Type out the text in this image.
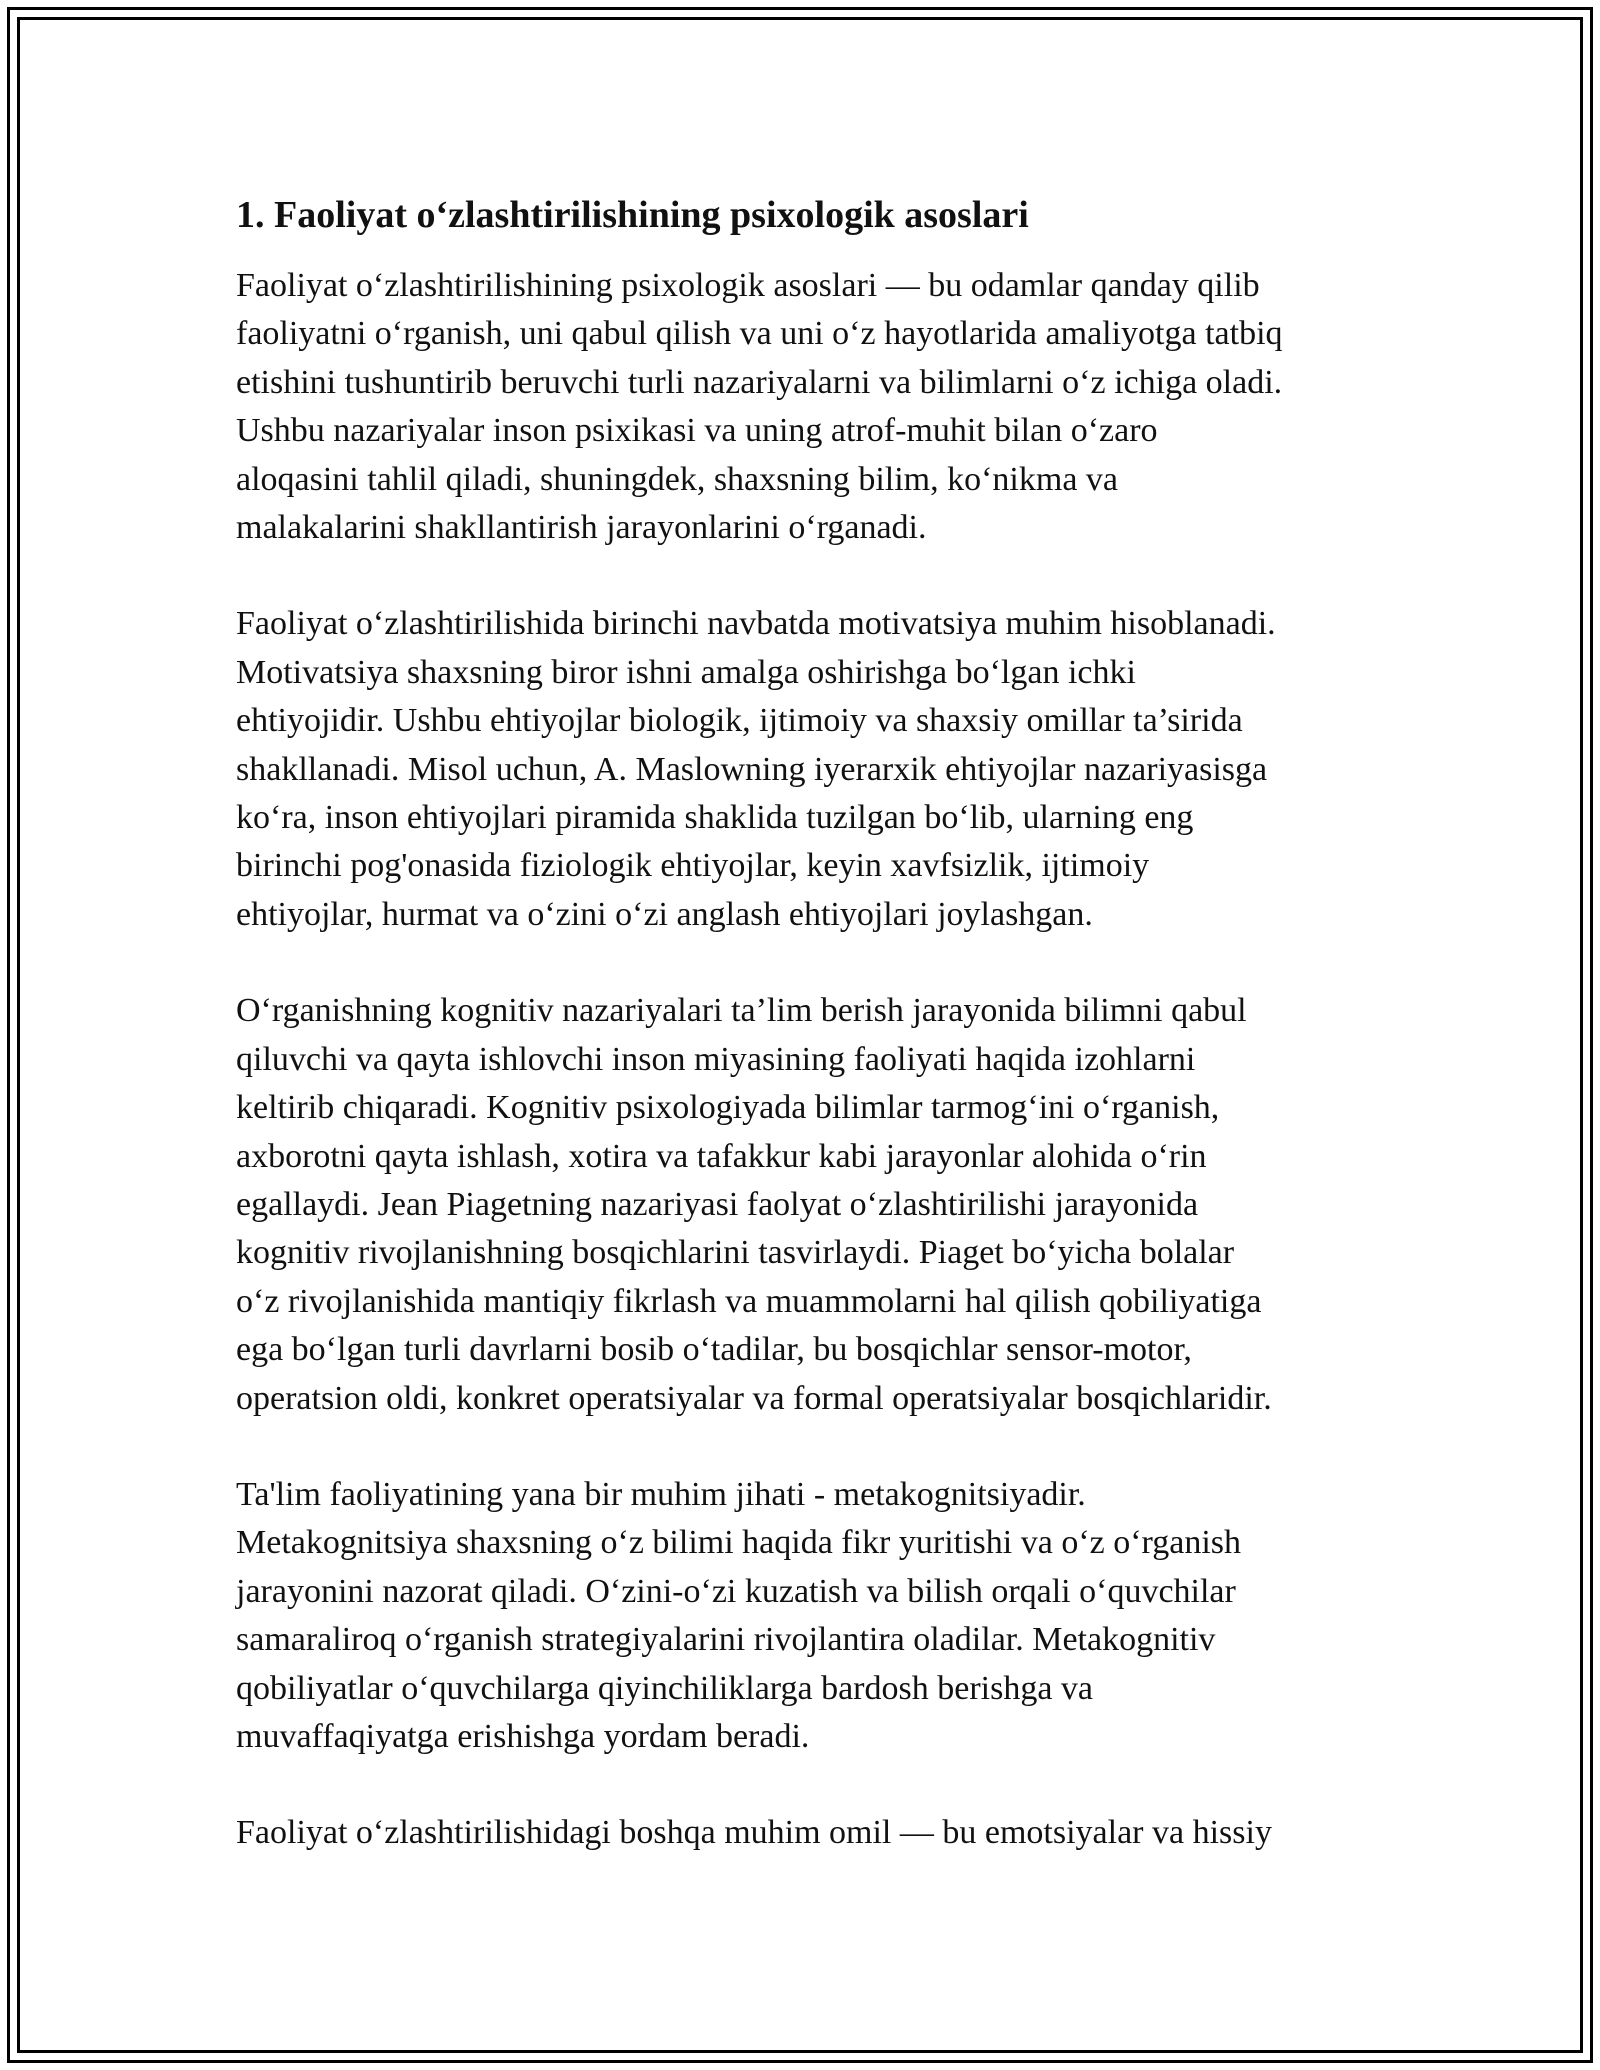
1. Faoliyat o‘zlashtirilishining psixologik asoslari

Faoliyat o‘zlashtirilishining psixologik asoslari — bu odamlar qanday qilib
faoliyatni o‘rganish, uni qabul qilish va uni o‘z hayotlarida amaliyotga tatbiq
etishini tushuntirib beruvchi turli nazariyalarni va bilimlarni o‘z ichiga oladi.
Ushbu nazariyalar inson psixikasi va uning atrof-muhit bilan o‘zaro
aloqasini tahlil qiladi, shuningdek, shaxsning bilim, ko‘nikma va
malakalarini shakllantirish jarayonlarini o‘rganadi.

Faoliyat o‘zlashtirilishida birinchi navbatda motivatsiya muhim hisoblanadi.
Motivatsiya shaxsning biror ishni amalga oshirishga bo‘lgan ichki
ehtiyojidir. Ushbu ehtiyojlar biologik, ijtimoiy va shaxsiy omillar ta’sirida
shakllanadi. Misol uchun, A. Maslowning iyerarxik ehtiyojlar nazariyasisga
ko‘ra, inson ehtiyojlari piramida shaklida tuzilgan bo‘lib, ularning eng
birinchi pog'onasida fiziologik ehtiyojlar, keyin xavfsizlik, ijtimoiy
ehtiyojlar, hurmat va o‘zini o‘zi anglash ehtiyojlari joylashgan.

O‘rganishning kognitiv nazariyalari ta’lim berish jarayonida bilimni qabul
qiluvchi va qayta ishlovchi inson miyasining faoliyati haqida izohlarni
keltirib chiqaradi. Kognitiv psixologiyada bilimlar tarmog‘ini o‘rganish,
axborotni qayta ishlash, xotira va tafakkur kabi jarayonlar alohida o‘rin
egallaydi. Jean Piagetning nazariyasi faolyat o‘zlashtirilishi jarayonida
kognitiv rivojlanishning bosqichlarini tasvirlaydi. Piaget bo‘yicha bolalar
o‘z rivojlanishida mantiqiy fikrlash va muammolarni hal qilish qobiliyatiga
ega bo‘lgan turli davrlarni bosib o‘tadilar, bu bosqichlar sensor-motor,
operatsion oldi, konkret operatsiyalar va formal operatsiyalar bosqichlaridir.

Ta'lim faoliyatining yana bir muhim jihati - metakognitsiyadir.
Metakognitsiya shaxsning o‘z bilimi haqida fikr yuritishi va o‘z o‘rganish
jarayonini nazorat qiladi. O‘zini-o‘zi kuzatish va bilish orqali o‘quvchilar
samaraliroq o‘rganish strategiyalarini rivojlantira oladilar. Metakognitiv
qobiliyatlar o‘quvchilarga qiyinchiliklarga bardosh berishga va
muvaffaqiyatga erishishga yordam beradi.

Faoliyat o‘zlashtirilishidagi boshqa muhim omil — bu emotsiyalar va hissiy
